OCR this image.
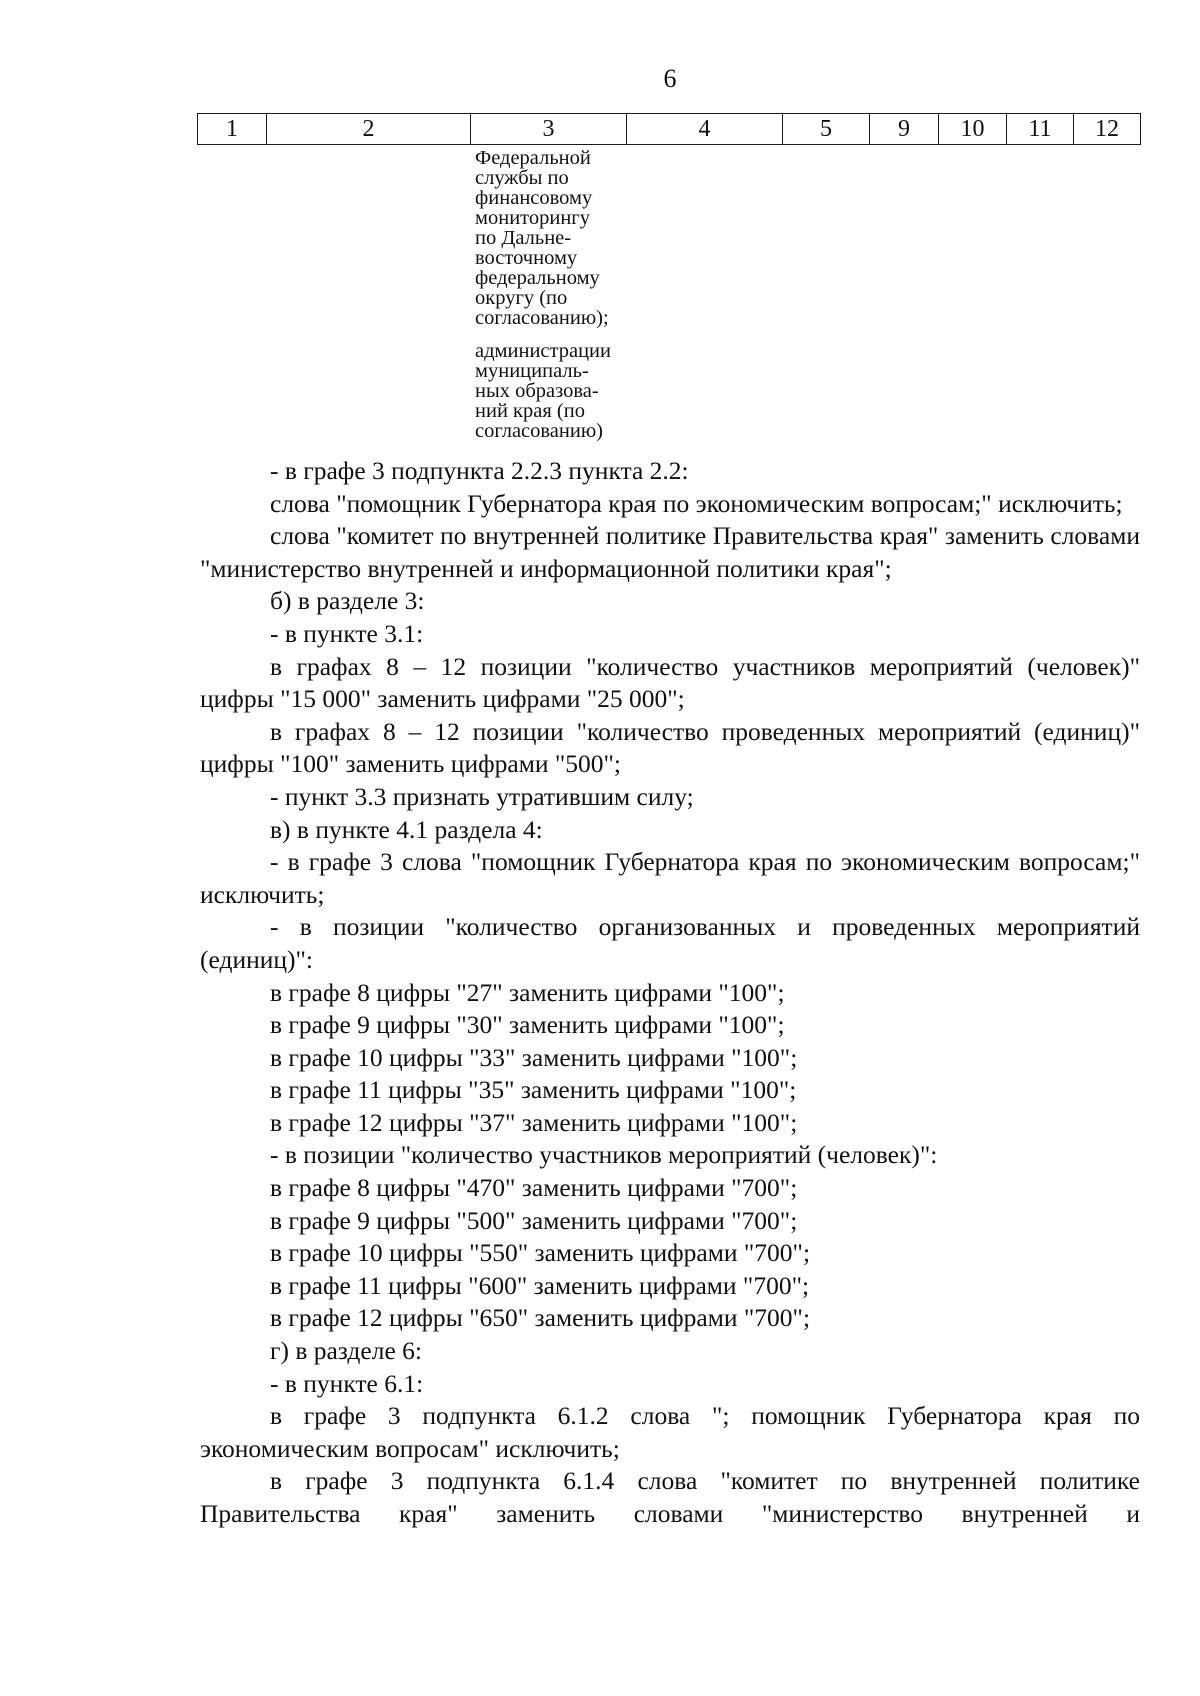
6
1	2	3	4	5	9	10	11	12
Федеральной
службы по
финансовому
мониторингу
по Дальне-
восточному
федеральному
округу (по
согласованию);
администрации
муниципаль-
ных образова-
ний края (по
согласованию)

- в графе 3 подпункта 2.2.3 пункта 2.2:

слова "помощник Губернатора края по экономическим вопросам;" исключить;

слова "комитет по внутренней политике Правительства края" заменить словами "министерство внутренней и информационной политики края";

б) в разделе 3:

- в пункте 3.1:

в графах 8 – 12 позиции "количество участников мероприятий (человек)" цифры "15 000" заменить цифрами "25 000";

в графах 8 – 12 позиции "количество проведенных мероприятий (единиц)" цифры "100" заменить цифрами "500";

- пункт 3.3 признать утратившим силу;

в) в пункте 4.1 раздела 4:

- в графе 3 слова "помощник Губернатора края по экономическим вопросам;" исключить;

- в позиции "количество организованных и проведенных мероприятий (единиц)":

в графе 8 цифры "27" заменить цифрами "100";

в графе 9 цифры "30" заменить цифрами "100";

в графе 10 цифры "33" заменить цифрами "100";

в графе 11 цифры "35" заменить цифрами "100";

в графе 12 цифры "37" заменить цифрами "100";

- в позиции "количество участников мероприятий (человек)":

в графе 8 цифры "470" заменить цифрами "700";

в графе 9 цифры "500" заменить цифрами "700";

в графе 10 цифры "550" заменить цифрами "700";

в графе 11 цифры "600" заменить цифрами "700";

в графе 12 цифры "650" заменить цифрами "700";

г) в разделе 6:

- в пункте 6.1:

в графе 3 подпункта 6.1.2 слова "; помощник Губернатора края по экономическим вопросам" исключить;

в графе 3 подпункта 6.1.4 слова "комитет по внутренней политике Правительства края" заменить словами "министерство внутренней и
